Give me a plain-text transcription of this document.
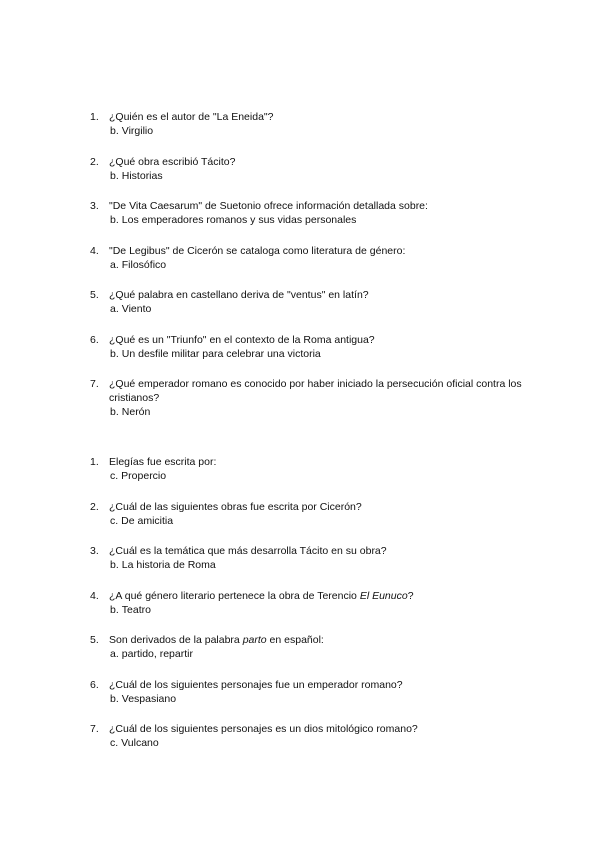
1. ¿Quién es el autor de "La Eneida"?
b. Virgilio
2. ¿Qué obra escribió Tácito?
b. Historias
3. "De Vita Caesarum" de Suetonio ofrece información detallada sobre:
b. Los emperadores romanos y sus vidas personales
4. "De Legibus" de Cicerón se cataloga como literatura de género:
a. Filosófico
5. ¿Qué palabra en castellano deriva de "ventus" en latín?
a. Viento
6. ¿Qué es un "Triunfo" en el contexto de la Roma antigua?
b. Un desfile militar para celebrar una victoria
7. ¿Qué emperador romano es conocido por haber iniciado la persecución oficial contra los cristianos?
b. Nerón
1. Elegías fue escrita por:
c. Propercio
2. ¿Cuál de las siguientes obras fue escrita por Cicerón?
c. De amicitia
3. ¿Cuál es la temática que más desarrolla Tácito en su obra?
b. La historia de Roma
4. ¿A qué género literario pertenece la obra de Terencio El Eunuco?
b. Teatro
5. Son derivados de la palabra parto en español:
a. partido, repartir
6. ¿Cuál de los siguientes personajes fue un emperador romano?
b. Vespasiano
7. ¿Cuál de los siguientes personajes es un dios mitológico romano?
c. Vulcano
